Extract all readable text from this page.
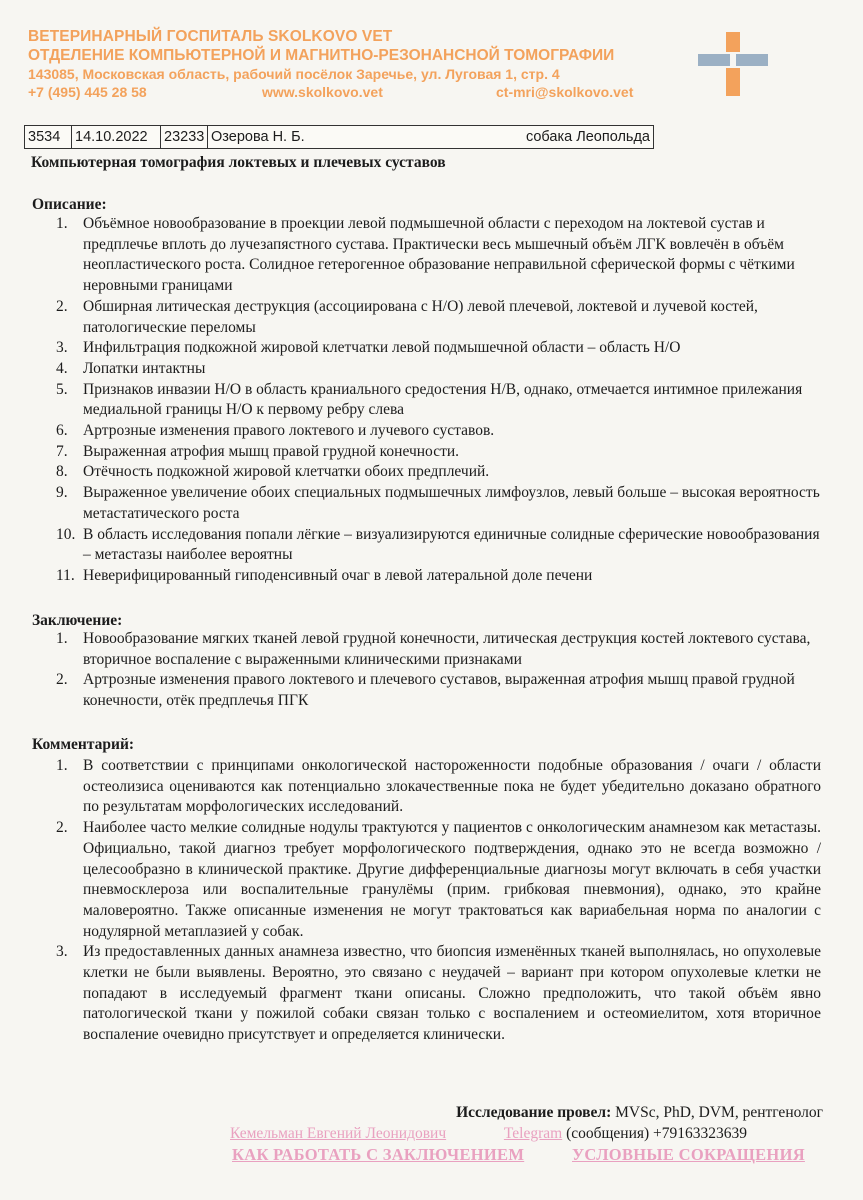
ВЕТЕРИНАРНЫЙ ГОСПИТАЛЬ SKOLKOVO VET
ОТДЕЛЕНИЕ КОМПЬЮТЕРНОЙ И МАГНИТНО-РЕЗОНАНСНОЙ ТОМОГРАФИИ
143085, Московская область, рабочий посёлок Заречье, ул. Луговая 1, стр. 4
+7 (495) 445 28 58	www.skolkovo.vet	ct-mri@skolkovo.vet
3534	14.10.2022	23233 Озерова Н. Б.	собака Леопольда
Компьютерная томография локтевых и плечевых суставов
Описание:
1. Объёмное новообразование в проекции левой подмышечной области с переходом на локтевой сустав и предплечье вплоть до лучезапястного сустава. Практически весь мышечный объём ЛГК вовлечён в объём неопластического роста. Солидное гетерогенное образование неправильной сферической формы с чёткими неровными границами
2. Обширная литическая деструкция (ассоциирована с Н/О) левой плечевой, локтевой и лучевой костей, патологические переломы
3. Инфильтрация подкожной жировой клетчатки левой подмышечной области – область Н/О
4. Лопатки интактны
5. Признаков инвазии Н/О в область краниального средостения Н/В, однако, отмечается интимное прилежания медиальной границы Н/О к первому ребру слева
6. Артрозные изменения правого локтевого и лучевого суставов.
7. Выраженная атрофия мышц правой грудной конечности.
8. Отёчность подкожной жировой клетчатки обоих предплечий.
9. Выраженное увеличение обоих специальных подмышечных лимфоузлов, левый больше – высокая вероятность метастатического роста
10. В область исследования попали лёгкие – визуализируются единичные солидные сферические новообразования – метастазы наиболее вероятны
11. Неверифицированный гиподенсивный очаг в левой латеральной доле печени
Заключение:
1. Новообразование мягких тканей левой грудной конечности, литическая деструкция костей локтевого сустава, вторичное воспаление с выраженными клиническими признаками
2. Артрозные изменения правого локтевого и плечевого суставов, выраженная атрофия мышц правой грудной конечности, отёк предплечья ПГК
Комментарий:
1. В соответствии с принципами онкологической настороженности подобные образования / очаги / области остеолизиса оцениваются как потенциально злокачественные пока не будет убедительно доказано обратного по результатам морфологических исследований.
2. Наиболее часто мелкие солидные нодулы трактуются у пациентов с онкологическим анамнезом как метастазы. Официально, такой диагноз требует морфологического подтверждения, однако это не всегда возможно / целесообразно в клинической практике. Другие дифференциальные диагнозы могут включать в себя участки пневмосклероза или воспалительные гранулёмы (прим. грибковая пневмония), однако, это крайне маловероятно. Также описанные изменения не могут трактоваться как вариабельная норма по аналогии с нодулярной метаплазией у собак.
3. Из предоставленных данных анамнеза известно, что биопсия изменённых тканей выполнялась, но опухолевые клетки не были выявлены. Вероятно, это связано с неудачей – вариант при котором опухолевые клетки не попадают в исследуемый фрагмент ткани описаны. Сложно предположить, что такой объём явно патологической ткани у пожилой собаки связан только с воспалением и остеомиелитом, хотя вторичное воспаление очевидно присутствует и определяется клинически.
Исследование провел: MVSc, PhD, DVM, рентгенолог
Кемельман Евгений Леонидович	Telegram (сообщения) +79163323639
КАК РАБОТАТЬ С ЗАКЛЮЧЕНИЕМ	УСЛОВНЫЕ СОКРАЩЕНИЯ
